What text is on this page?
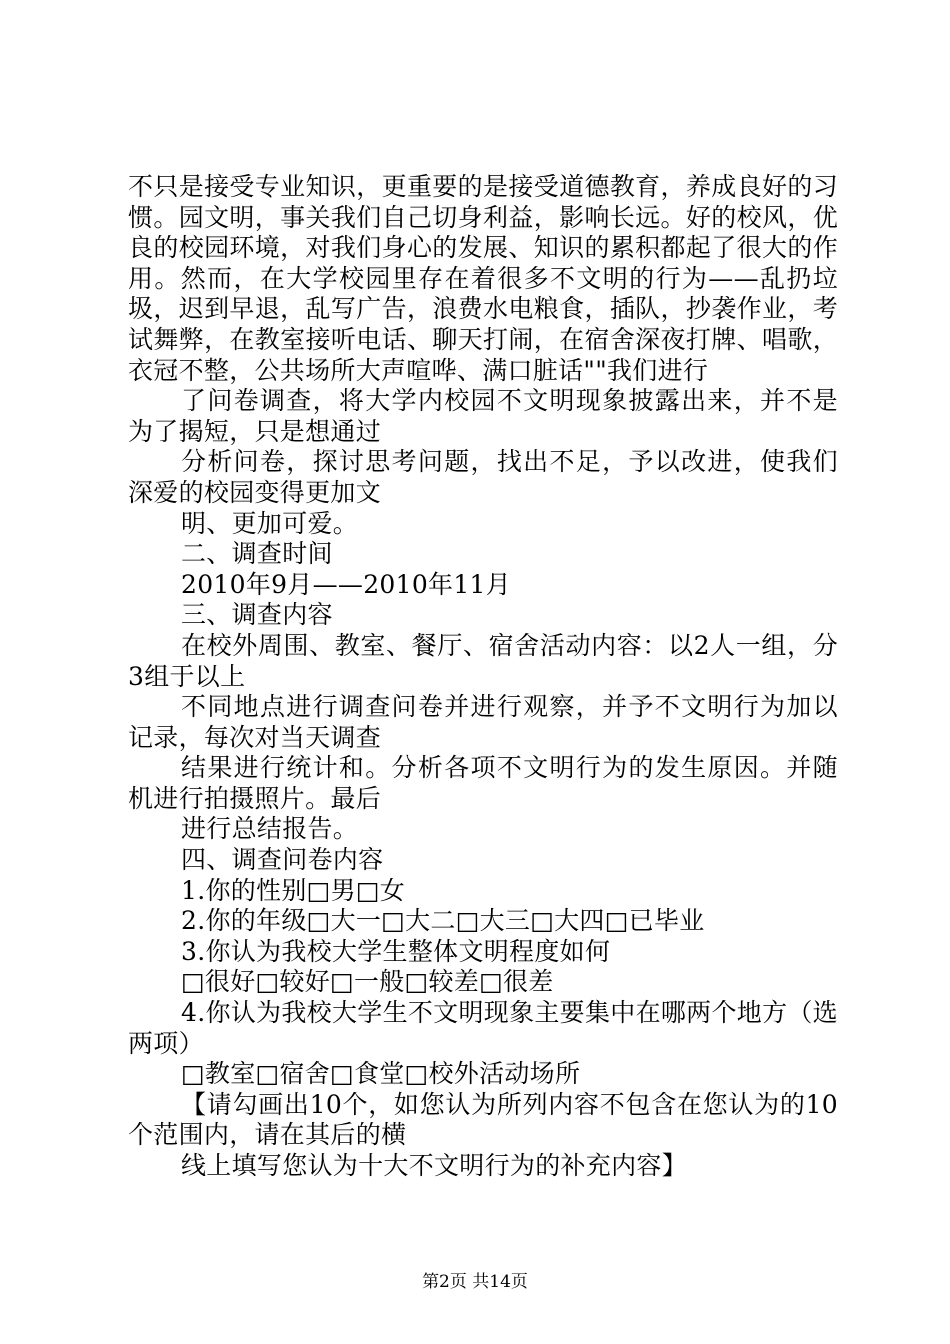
不只是接受专业知识，更重要的是接受道德教育，养成良好的习惯。园文明，事关我们自己切身利益，影响长远。好的校风，优良的校园环境，对我们身心的发展、知识的累积都起了很大的作用。然而，在大学校园里存在着很多不文明的行为——乱扔垃圾，迟到早退，乱写广告，浪费水电粮食，插队，抄袭作业，考试舞弊，在教室接听电话、聊天打闹，在宿舍深夜打牌、唱歌，衣冠不整，公共场所大声喧哗、满口脏话""我们进行

了问卷调查，将大学内校园不文明现象披露出来，并不是为了揭短，只是想通过

分析问卷，探讨思考问题，找出不足，予以改进，使我们深爱的校园变得更加文

明、更加可爱。

二、调查时间

2010年9月——2010年11月

三、调查内容

在校外周围、教室、餐厅、宿舍活动内容：以2人一组，分3组于以上

不同地点进行调查问卷并进行观察，并予不文明行为加以记录，每次对当天调查

结果进行统计和。分析各项不文明行为的发生原因。并随机进行拍摄照片。最后

进行总结报告。

四、调查问卷内容

1.你的性别□男□女

2.你的年级□大一□大二□大三□大四□已毕业

3.你认为我校大学生整体文明程度如何

□很好□较好□一般□较差□很差

4.你认为我校大学生不文明现象主要集中在哪两个地方（选两项）

□教室□宿舍□食堂□校外活动场所

【请勾画出10个，如您认为所列内容不包含在您认为的10个范围内，请在其后的横

线上填写您认为十大不文明行为的补充内容】

第2页 共14页
